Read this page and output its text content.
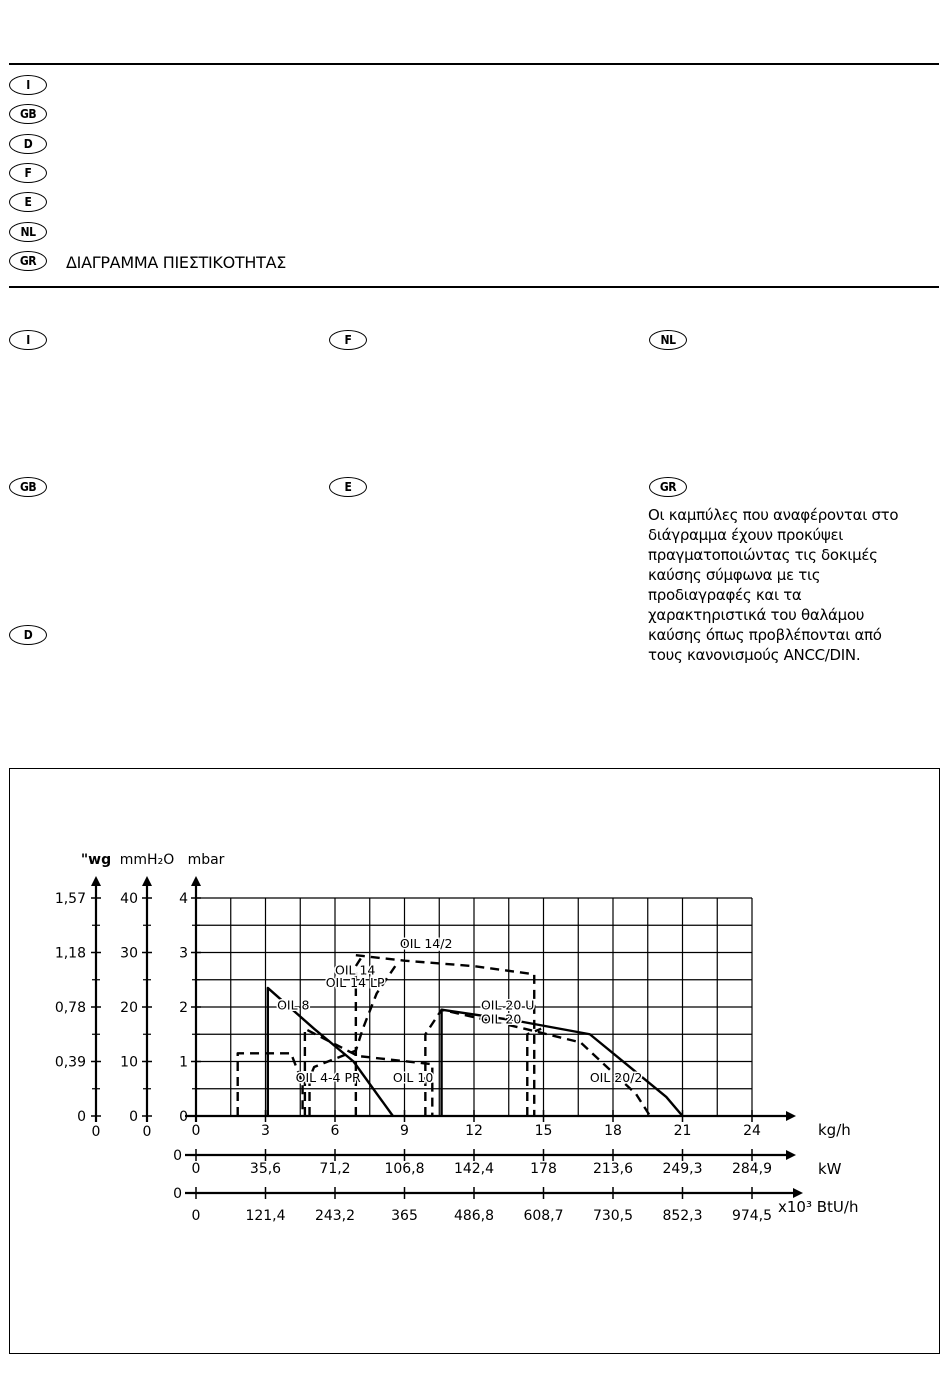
I
GB
D
F
E
NL
GR	ΔΙΑΓΡΑΜΜΑ ΠΙΕΣΤΙΚΟΤΗΤΑΣ
I
GB
D
F
E
NL
GR
Οι καμπύλες που αναφέρονται στο
διάγραμμα έχουν προκύψει
πραγματοποιώντας τις δοκιμές
καύσης σύμφωνα με τις
προδιαγραφές και τα
χαρακτηριστικά του θαλάμου
καύσης όπως προβλέπονται από
τους κανονισμούς ANCC/DIN.
0
0,39
0,78
1,18
1,57
0
10
20
30
40
0
1
2
3
4
"wg mmH₂O mbar
0	0	0	3	6	9	12	15	18	21	24	kg/h
0	35,6	71,2 106,8 142,4	178	213,6 249,3 284,9
0
kW
0	121,4 243,2	365	486,8 608,7 730,5 852,3 974,5
0
x10³ BtU/h
OIL 4-4 PR
OIL 8
OIL 10
OIL 14
OIL 14 LP
OIL 14/2
OIL 20 U
OIL 20
OIL 20/2
